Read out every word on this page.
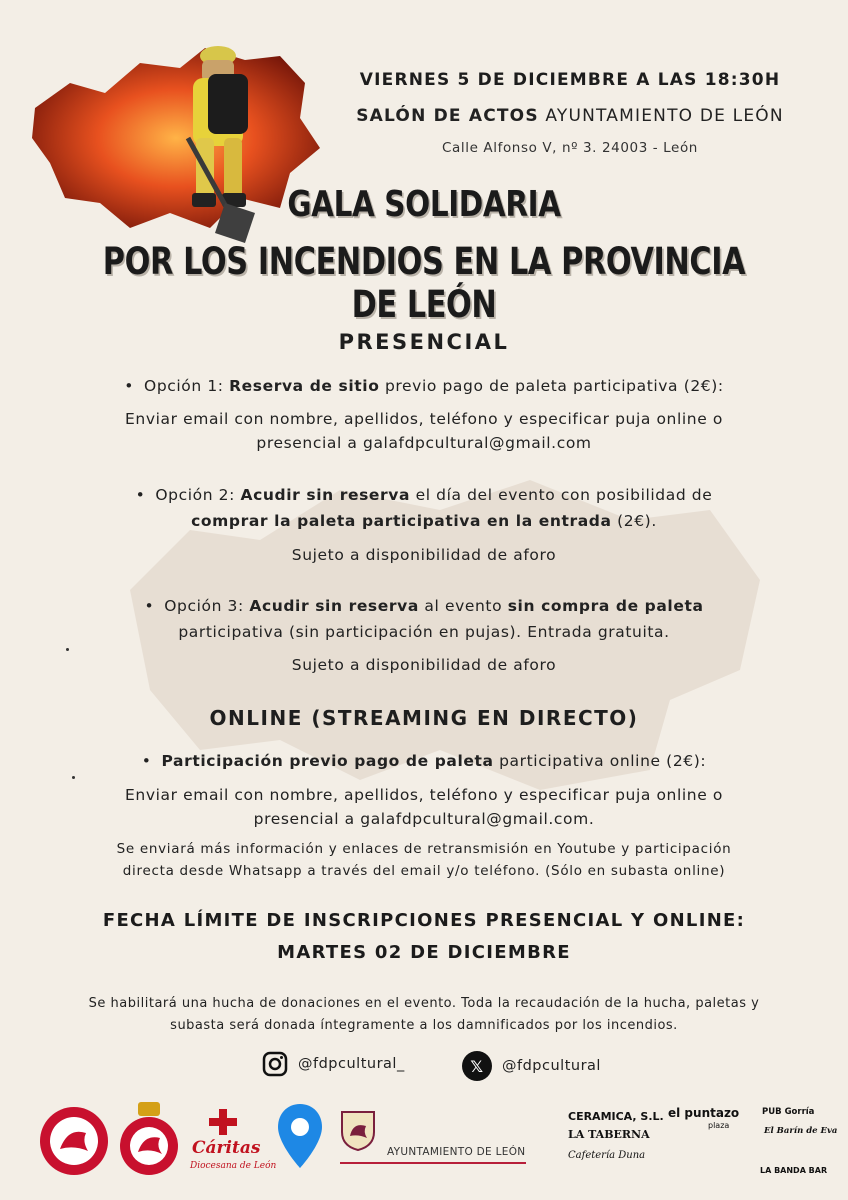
VIERNES 5 DE DICIEMBRE A LAS 18:30H
SALÓN DE ACTOS AYUNTAMIENTO DE LEÓN
Calle Alfonso V, nº 3. 24003 - León
GALA SOLIDARIA
POR LOS INCENDIOS EN LA PROVINCIA DE LEÓN
PRESENCIAL
• Opción 1: Reserva de sitio previo pago de paleta participativa (2€):
Enviar email con nombre, apellidos, teléfono y especificar puja online o
presencial a galafdpcultural@gmail.com
• Opción 2: Acudir sin reserva el día del evento con posibilidad de
comprar la paleta participativa en la entrada (2€).
Sujeto a disponibilidad de aforo
• Opción 3: Acudir sin reserva al evento sin compra de paleta
participativa (sin participación en pujas). Entrada gratuita.
Sujeto a disponibilidad de aforo
ONLINE (STREAMING EN DIRECTO)
• Participación previo pago de paleta participativa online (2€):
Enviar email con nombre, apellidos, teléfono y especificar puja online o
presencial a galafdpcultural@gmail.com.
Se enviará más información y enlaces de retransmisión en Youtube y participación
directa desde Whatsapp a través del email y/o teléfono. (Sólo en subasta online)
FECHA LÍMITE DE INSCRIPCIONES PRESENCIAL Y ONLINE:
MARTES 02 DE DICIEMBRE
Se habilitará una hucha de donaciones en el evento. Toda la recaudación de la hucha, paletas y
subasta será donada íntegramente a los damnificados por los incendios.
@fdpcultural_	𝕏	@fdpcultural
Cáritas
Diocesana de León
AYUNTAMIENTO DE LEÓN
CERAMICA, S.L.
LA TABERNA
Cafetería Duna
el puntazo
plaza
PUB Gorría
El Barín de Eva
LA BANDA BAR
